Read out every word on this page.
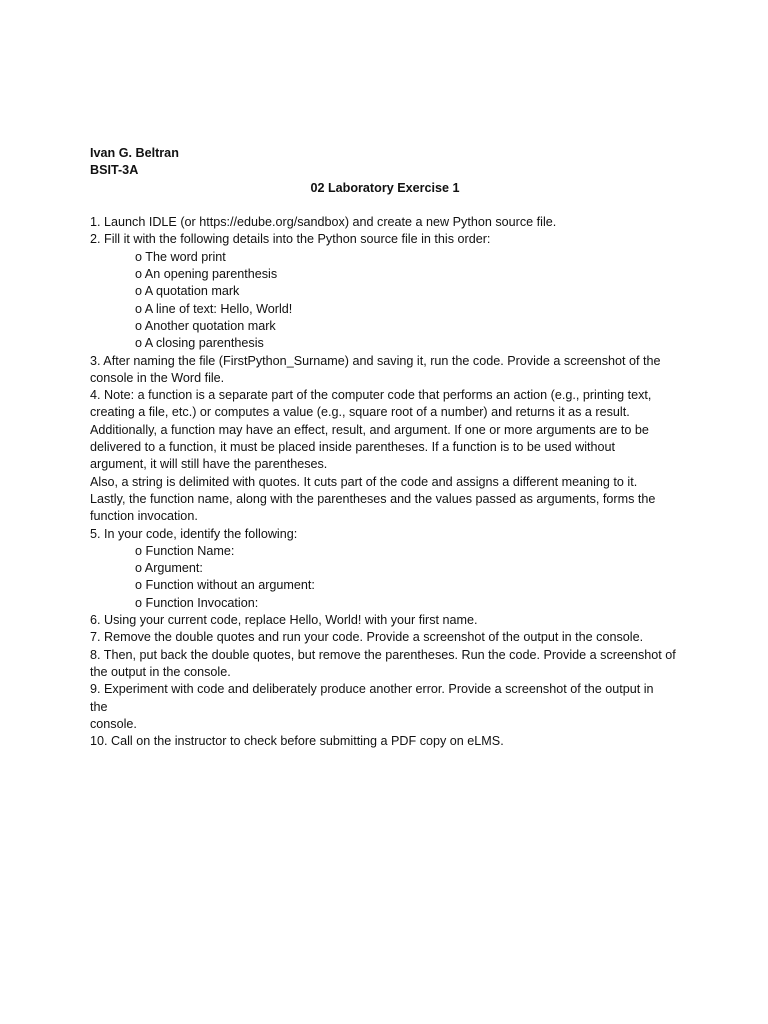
Ivan G. Beltran
BSIT-3A
02 Laboratory Exercise 1
1. Launch IDLE (or https://edube.org/sandbox) and create a new Python source file.
2. Fill it with the following details into the Python source file in this order:
o The word print
o An opening parenthesis
o A quotation mark
o A line of text: Hello, World!
o Another quotation mark
o A closing parenthesis
3. After naming the file (FirstPython_Surname) and saving it, run the code. Provide a screenshot of the
console in the Word file.
4. Note: a function is a separate part of the computer code that performs an action (e.g., printing text,
creating a file, etc.) or computes a value (e.g., square root of a number) and returns it as a result.
Additionally, a function may have an effect, result, and argument. If one or more arguments are to be
delivered to a function, it must be placed inside parentheses. If a function is to be used without
argument, it will still have the parentheses.
Also, a string is delimited with quotes. It cuts part of the code and assigns a different meaning to it.
Lastly, the function name, along with the parentheses and the values passed as arguments, forms the
function invocation.
5. In your code, identify the following:
o Function Name:
o Argument:
o Function without an argument:
o Function Invocation:
6. Using your current code, replace Hello, World! with your first name.
7. Remove the double quotes and run your code. Provide a screenshot of the output in the console.
8. Then, put back the double quotes, but remove the parentheses. Run the code. Provide a screenshot of
the output in the console.
9. Experiment with code and deliberately produce another error. Provide a screenshot of the output in
the
console.
10. Call on the instructor to check before submitting a PDF copy on eLMS.
